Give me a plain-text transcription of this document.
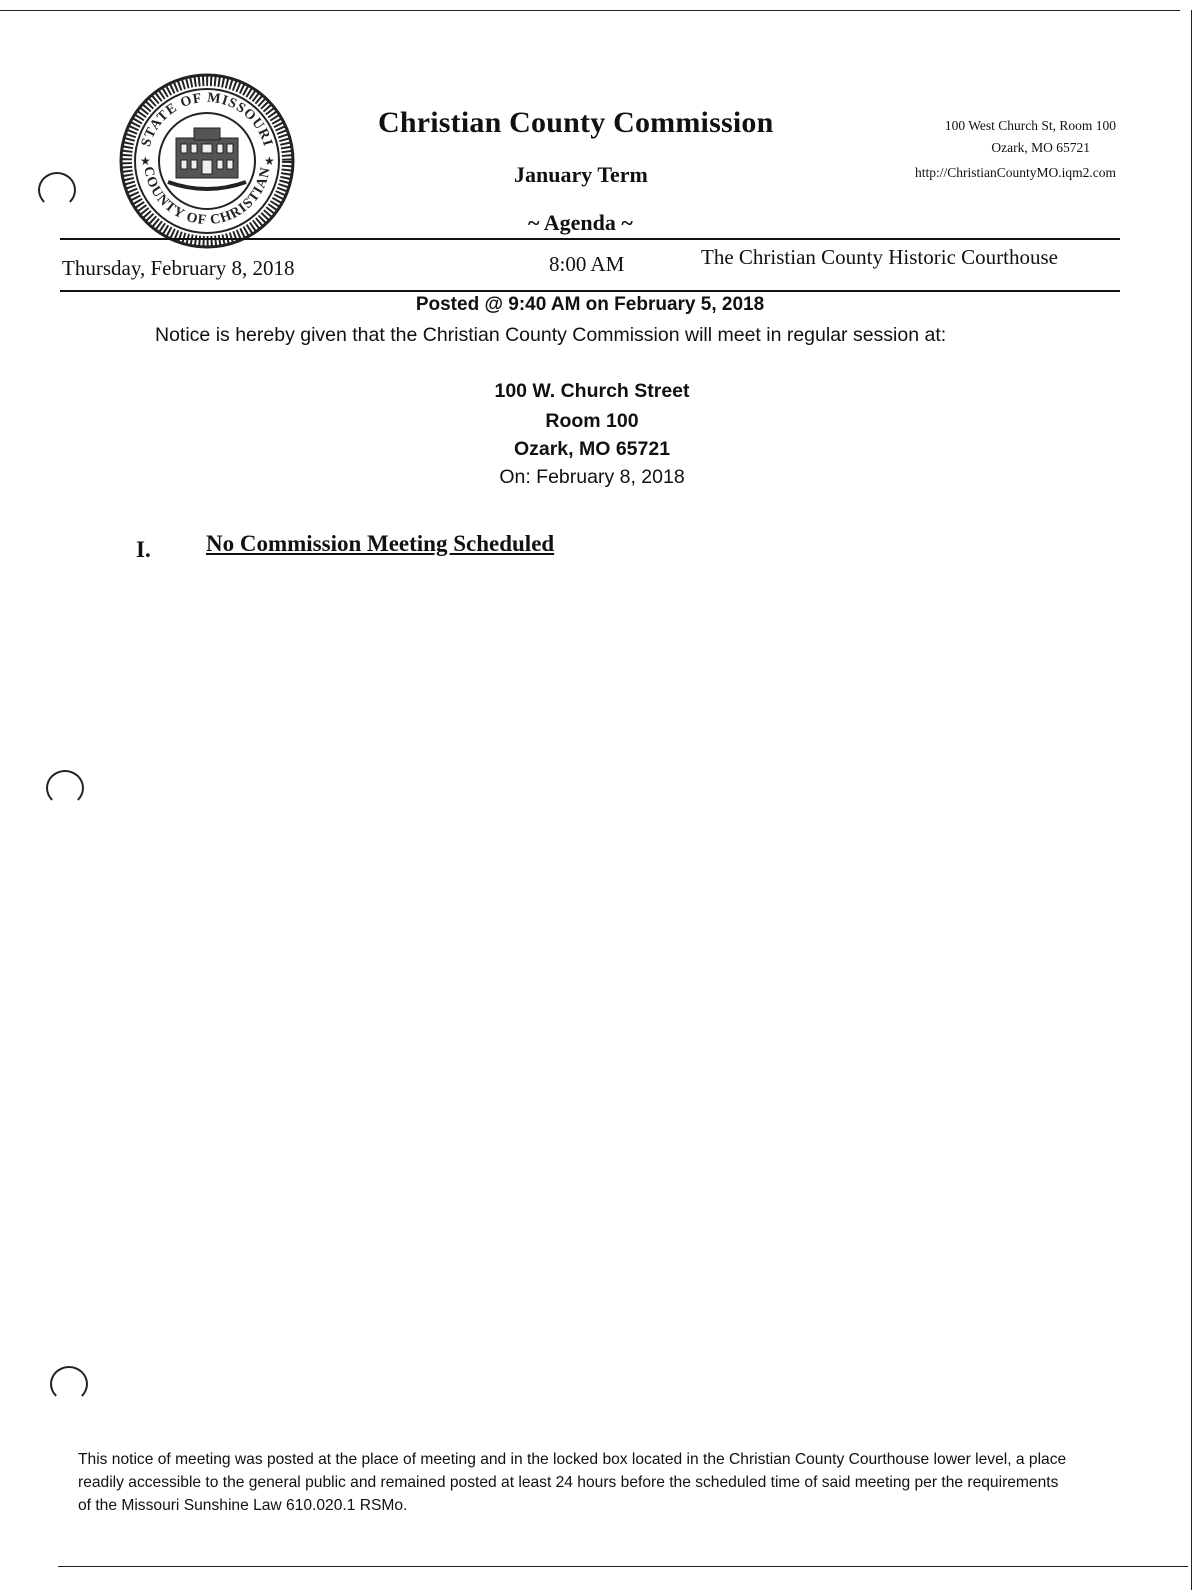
STATE OF MISSOURI
COUNTY OF CHRISTIAN
★	★
Christian County Commission
January Term
~ Agenda ~
100 West Church St, Room 100
Ozark, MO 65721
http://ChristianCountyMO.iqm2.com
Thursday, February 8, 2018	8:00 AM	The Christian County Historic Courthouse
Posted @ 9:40 AM on February 5, 2018
Notice is hereby given that the Christian County Commission will meet in regular session at:
100 W. Church Street
Room 100
Ozark, MO 65721
On: February 8, 2018
I. No Commission Meeting Scheduled
This notice of meeting was posted at the place of meeting and in the locked box located in the Christian County Courthouse lower level, a place readily accessible to the general public and remained posted at least 24 hours before the scheduled time of said meeting per the requirements of the Missouri Sunshine Law 610.020.1 RSMo.
